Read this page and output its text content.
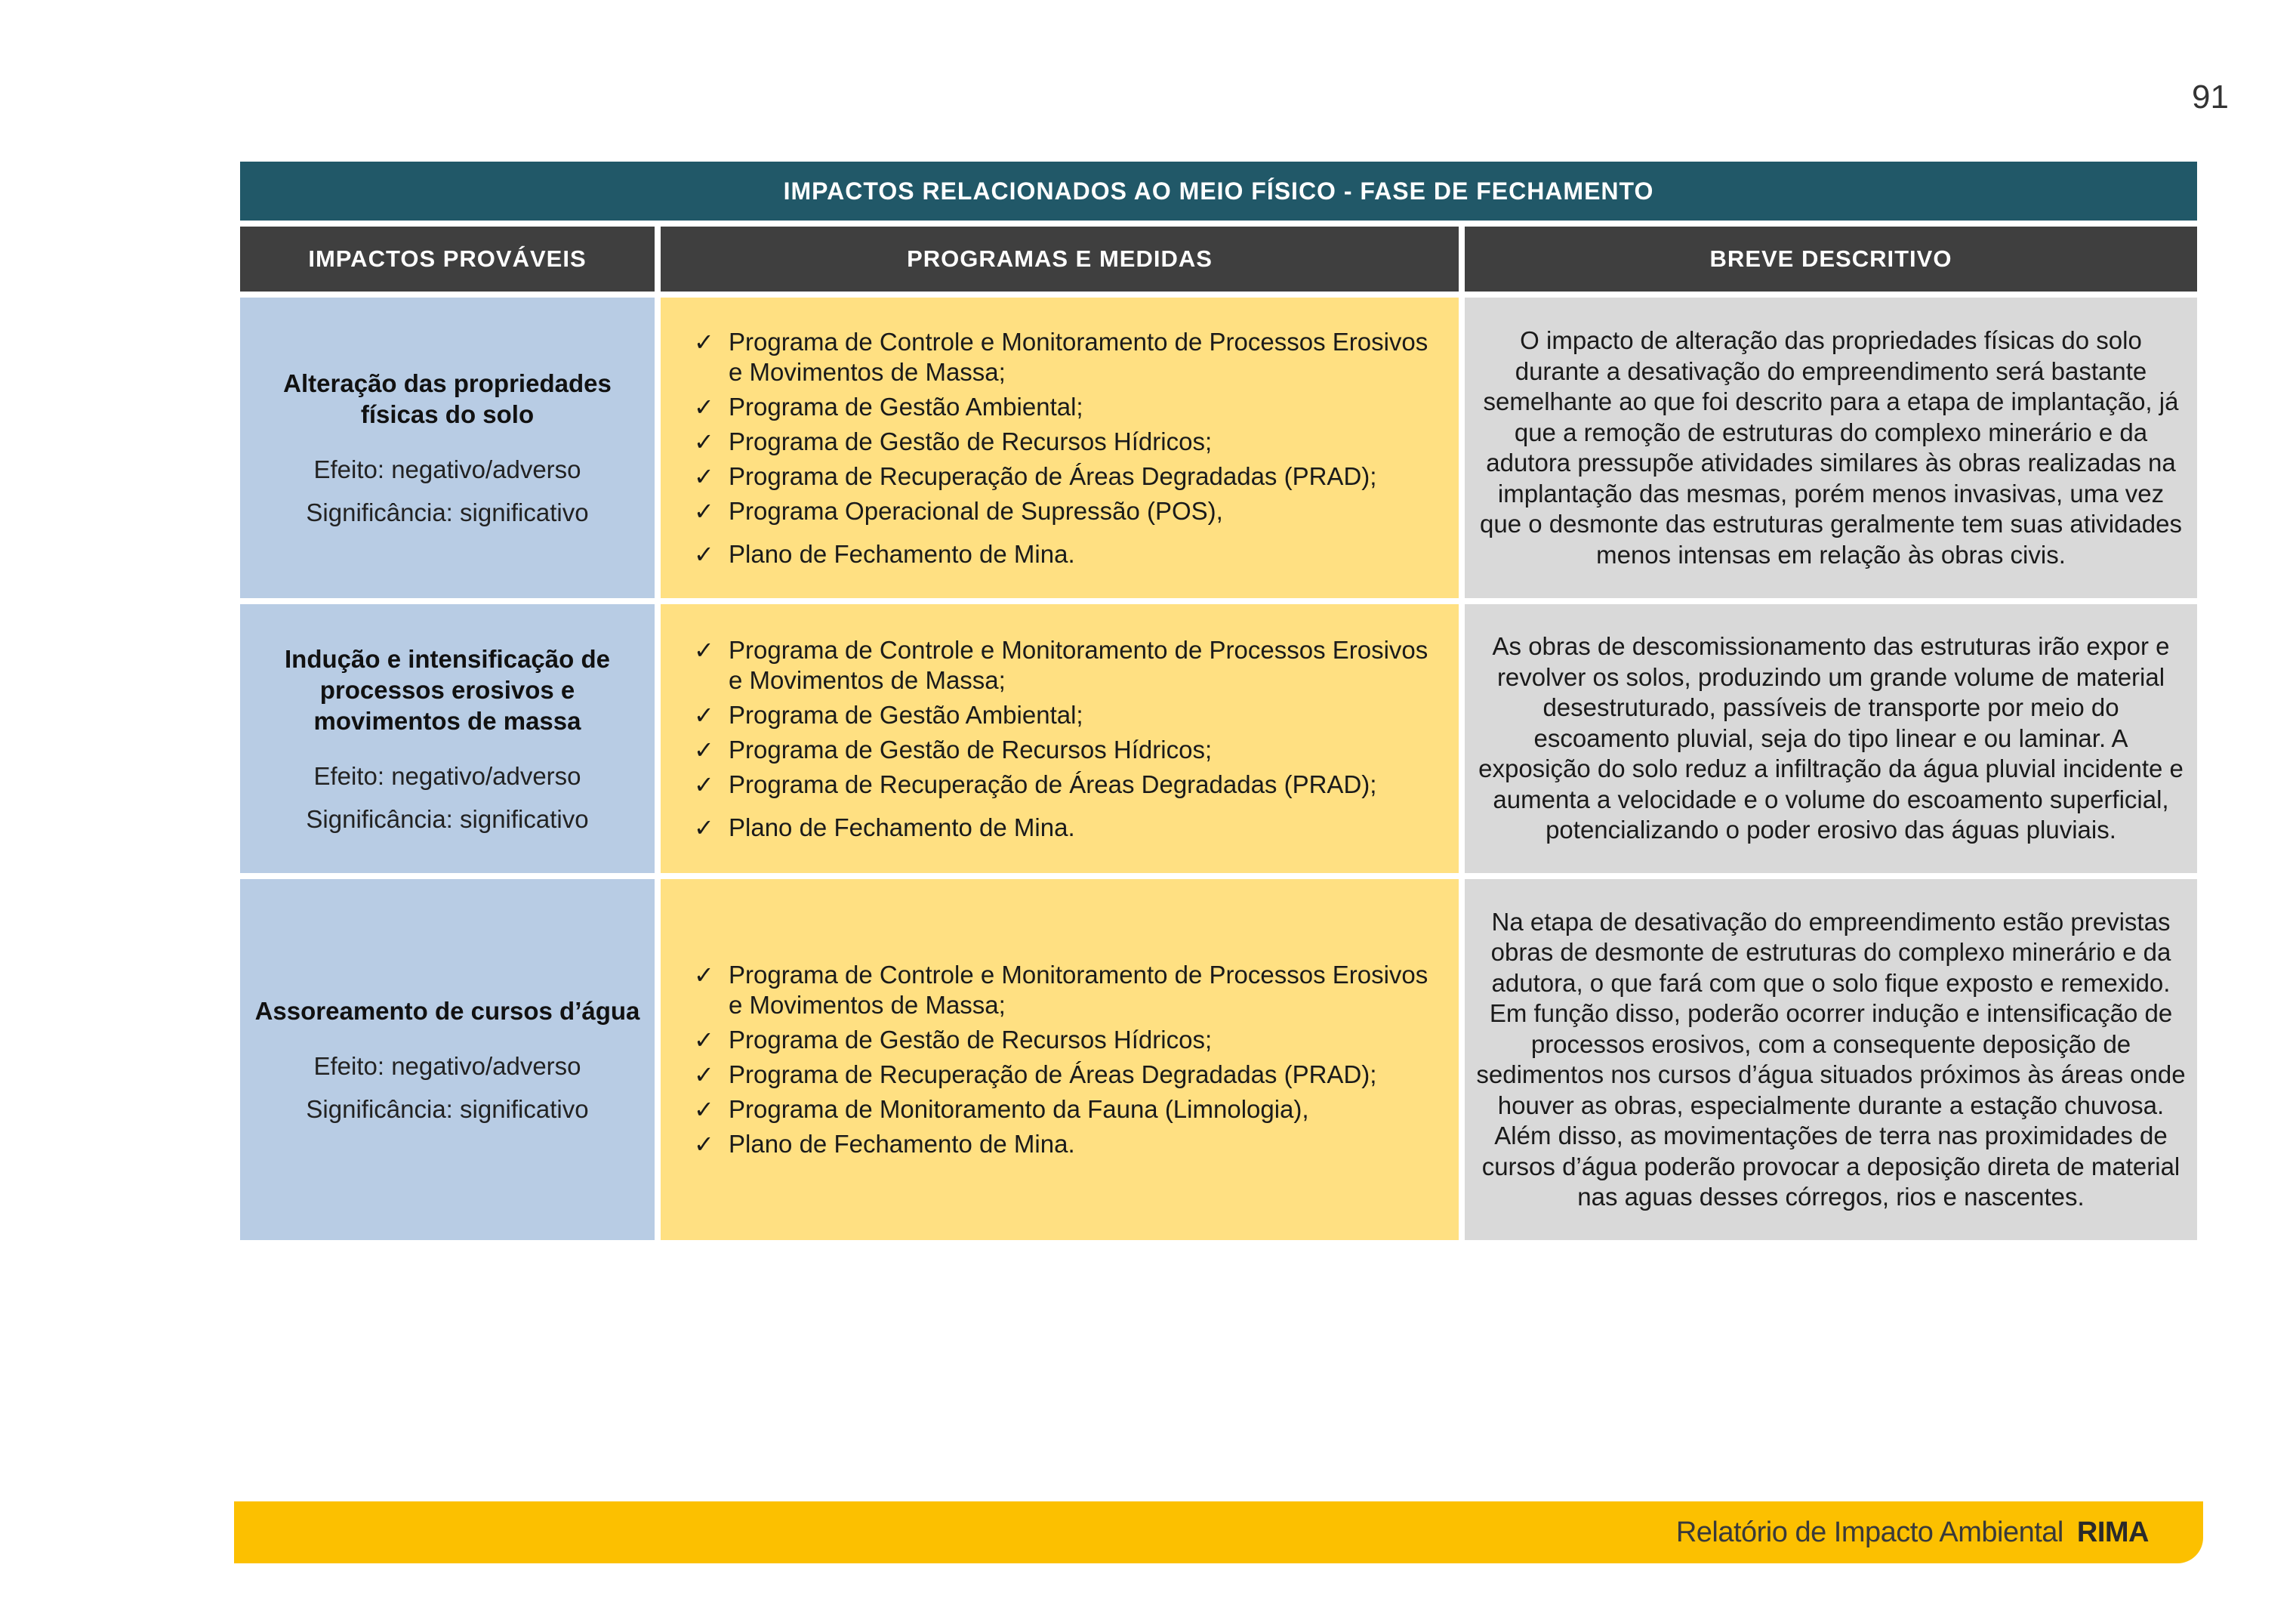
91
IMPACTOS RELACIONADOS AO MEIO FÍSICO - FASE DE FECHAMENTO
IMPACTOS PROVÁVEIS	PROGRAMAS E MEDIDAS	BREVE DESCRITIVO
Alteração das propriedades físicas do solo
Efeito: negativo/adverso
Significância: significativo
✓ Programa de Controle e Monitoramento de Processos Erosivos e Movimentos de Massa;
✓ Programa de Gestão Ambiental;
✓ Programa de Gestão de Recursos Hídricos;
✓ Programa de Recuperação de Áreas Degradadas (PRAD);
✓ Programa Operacional de Supressão (POS),
✓ Plano de Fechamento de Mina.
O impacto de alteração das propriedades físicas do solo durante a desativação do empreendimento será bastante semelhante ao que foi descrito para a etapa de implantação, já que a remoção de estruturas do complexo minerário e da adutora pressupõe atividades similares às obras realizadas na implantação das mesmas, porém menos invasivas, uma vez que o desmonte das estruturas geralmente tem suas atividades menos intensas em relação às obras civis.
Indução e intensificação de processos erosivos e movimentos de massa
Efeito: negativo/adverso
Significância: significativo
✓ Programa de Controle e Monitoramento de Processos Erosivos e Movimentos de Massa;
✓ Programa de Gestão Ambiental;
✓ Programa de Gestão de Recursos Hídricos;
✓ Programa de Recuperação de Áreas Degradadas (PRAD);
✓ Plano de Fechamento de Mina.
As obras de descomissionamento das estruturas irão expor e revolver os solos, produzindo um grande volume de material desestruturado, passíveis de transporte por meio do escoamento pluvial, seja do tipo linear e ou laminar. A exposição do solo reduz a infiltração da água pluvial incidente e aumenta a velocidade e o volume do escoamento superficial, potencializando o poder erosivo das águas pluviais.
Assoreamento de cursos d’água
Efeito: negativo/adverso
Significância: significativo
✓ Programa de Controle e Monitoramento de Processos Erosivos e Movimentos de Massa;
✓ Programa de Gestão de Recursos Hídricos;
✓ Programa de Recuperação de Áreas Degradadas (PRAD);
✓ Programa de Monitoramento da Fauna (Limnologia),
✓ Plano de Fechamento de Mina.
Na etapa de desativação do empreendimento estão previstas obras de desmonte de estruturas do complexo minerário e da adutora, o que fará com que o solo fique exposto e remexido. Em função disso, poderão ocorrer indução e intensificação de processos erosivos, com a consequente deposição de sedimentos nos cursos d’água situados próximos às áreas onde houver as obras, especialmente durante a estação chuvosa. Além disso, as movimentações de terra nas proximidades de cursos d’água poderão provocar a deposição direta de material nas aguas desses córregos, rios e nascentes.
Relatório de Impacto Ambiental RIMA
